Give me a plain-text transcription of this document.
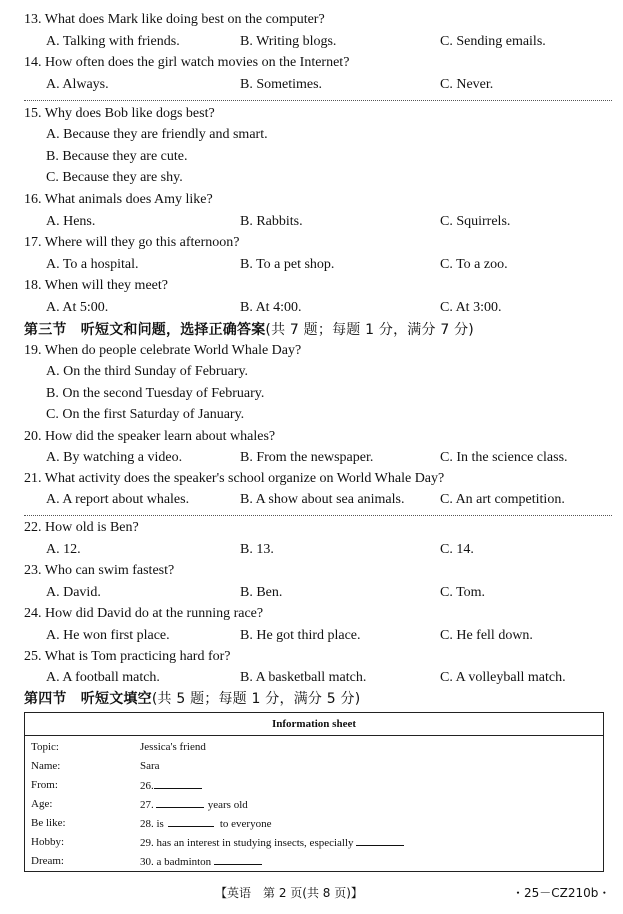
13. What does Mark like doing best on the computer?
A. Talking with friends.	B. Writing blogs.	C. Sending emails.
14. How often does the girl watch movies on the Internet?
A. Always.	B. Sometimes.	C. Never.
15. Why does Bob like dogs best?
A. Because they are friendly and smart.
B. Because they are cute.
C. Because they are shy.
16. What animals does Amy like?
A. Hens.	B. Rabbits.	C. Squirrels.
17. Where will they go this afternoon?
A. To a hospital.	B. To a pet shop.	C. To a zoo.
18. When will they meet?
A. At 5:00.	B. At 4:00.	C. At 3:00.
第三节　听短文和问题，选择正确答案(共 7 题；每题 1 分，满分 7 分)
19. When do people celebrate World Whale Day?
A. On the third Sunday of February.
B. On the second Tuesday of February.
C. On the first Saturday of January.
20. How did the speaker learn about whales?
A. By watching a video.	B. From the newspaper.	C. In the science class.
21. What activity does the speaker's school organize on World Whale Day?
A. A report about whales.	B. A show about sea animals.	C. An art competition.
22. How old is Ben?
A. 12.	B. 13.	C. 14.
23. Who can swim fastest?
A. David.	B. Ben.	C. Tom.
24. How did David do at the running race?
A. He won first place.	B. He got third place.	C. He fell down.
25. What is Tom practicing hard for?
A. A football match.	B. A basketball match.	C. A volleyball match.
第四节　听短文填空(共 5 题；每题 1 分，满分 5 分)
Information sheet
Topic:	Jessica's friend
Name:	Sara
From:	26.
Age:	27.	years old
Be like:	28. is	to everyone
Hobby:	29. has an interest in studying insects, especially
Dream:	30. a badminton
【英语　第 2 页(共 8 页)】	・25－CZ210b・
